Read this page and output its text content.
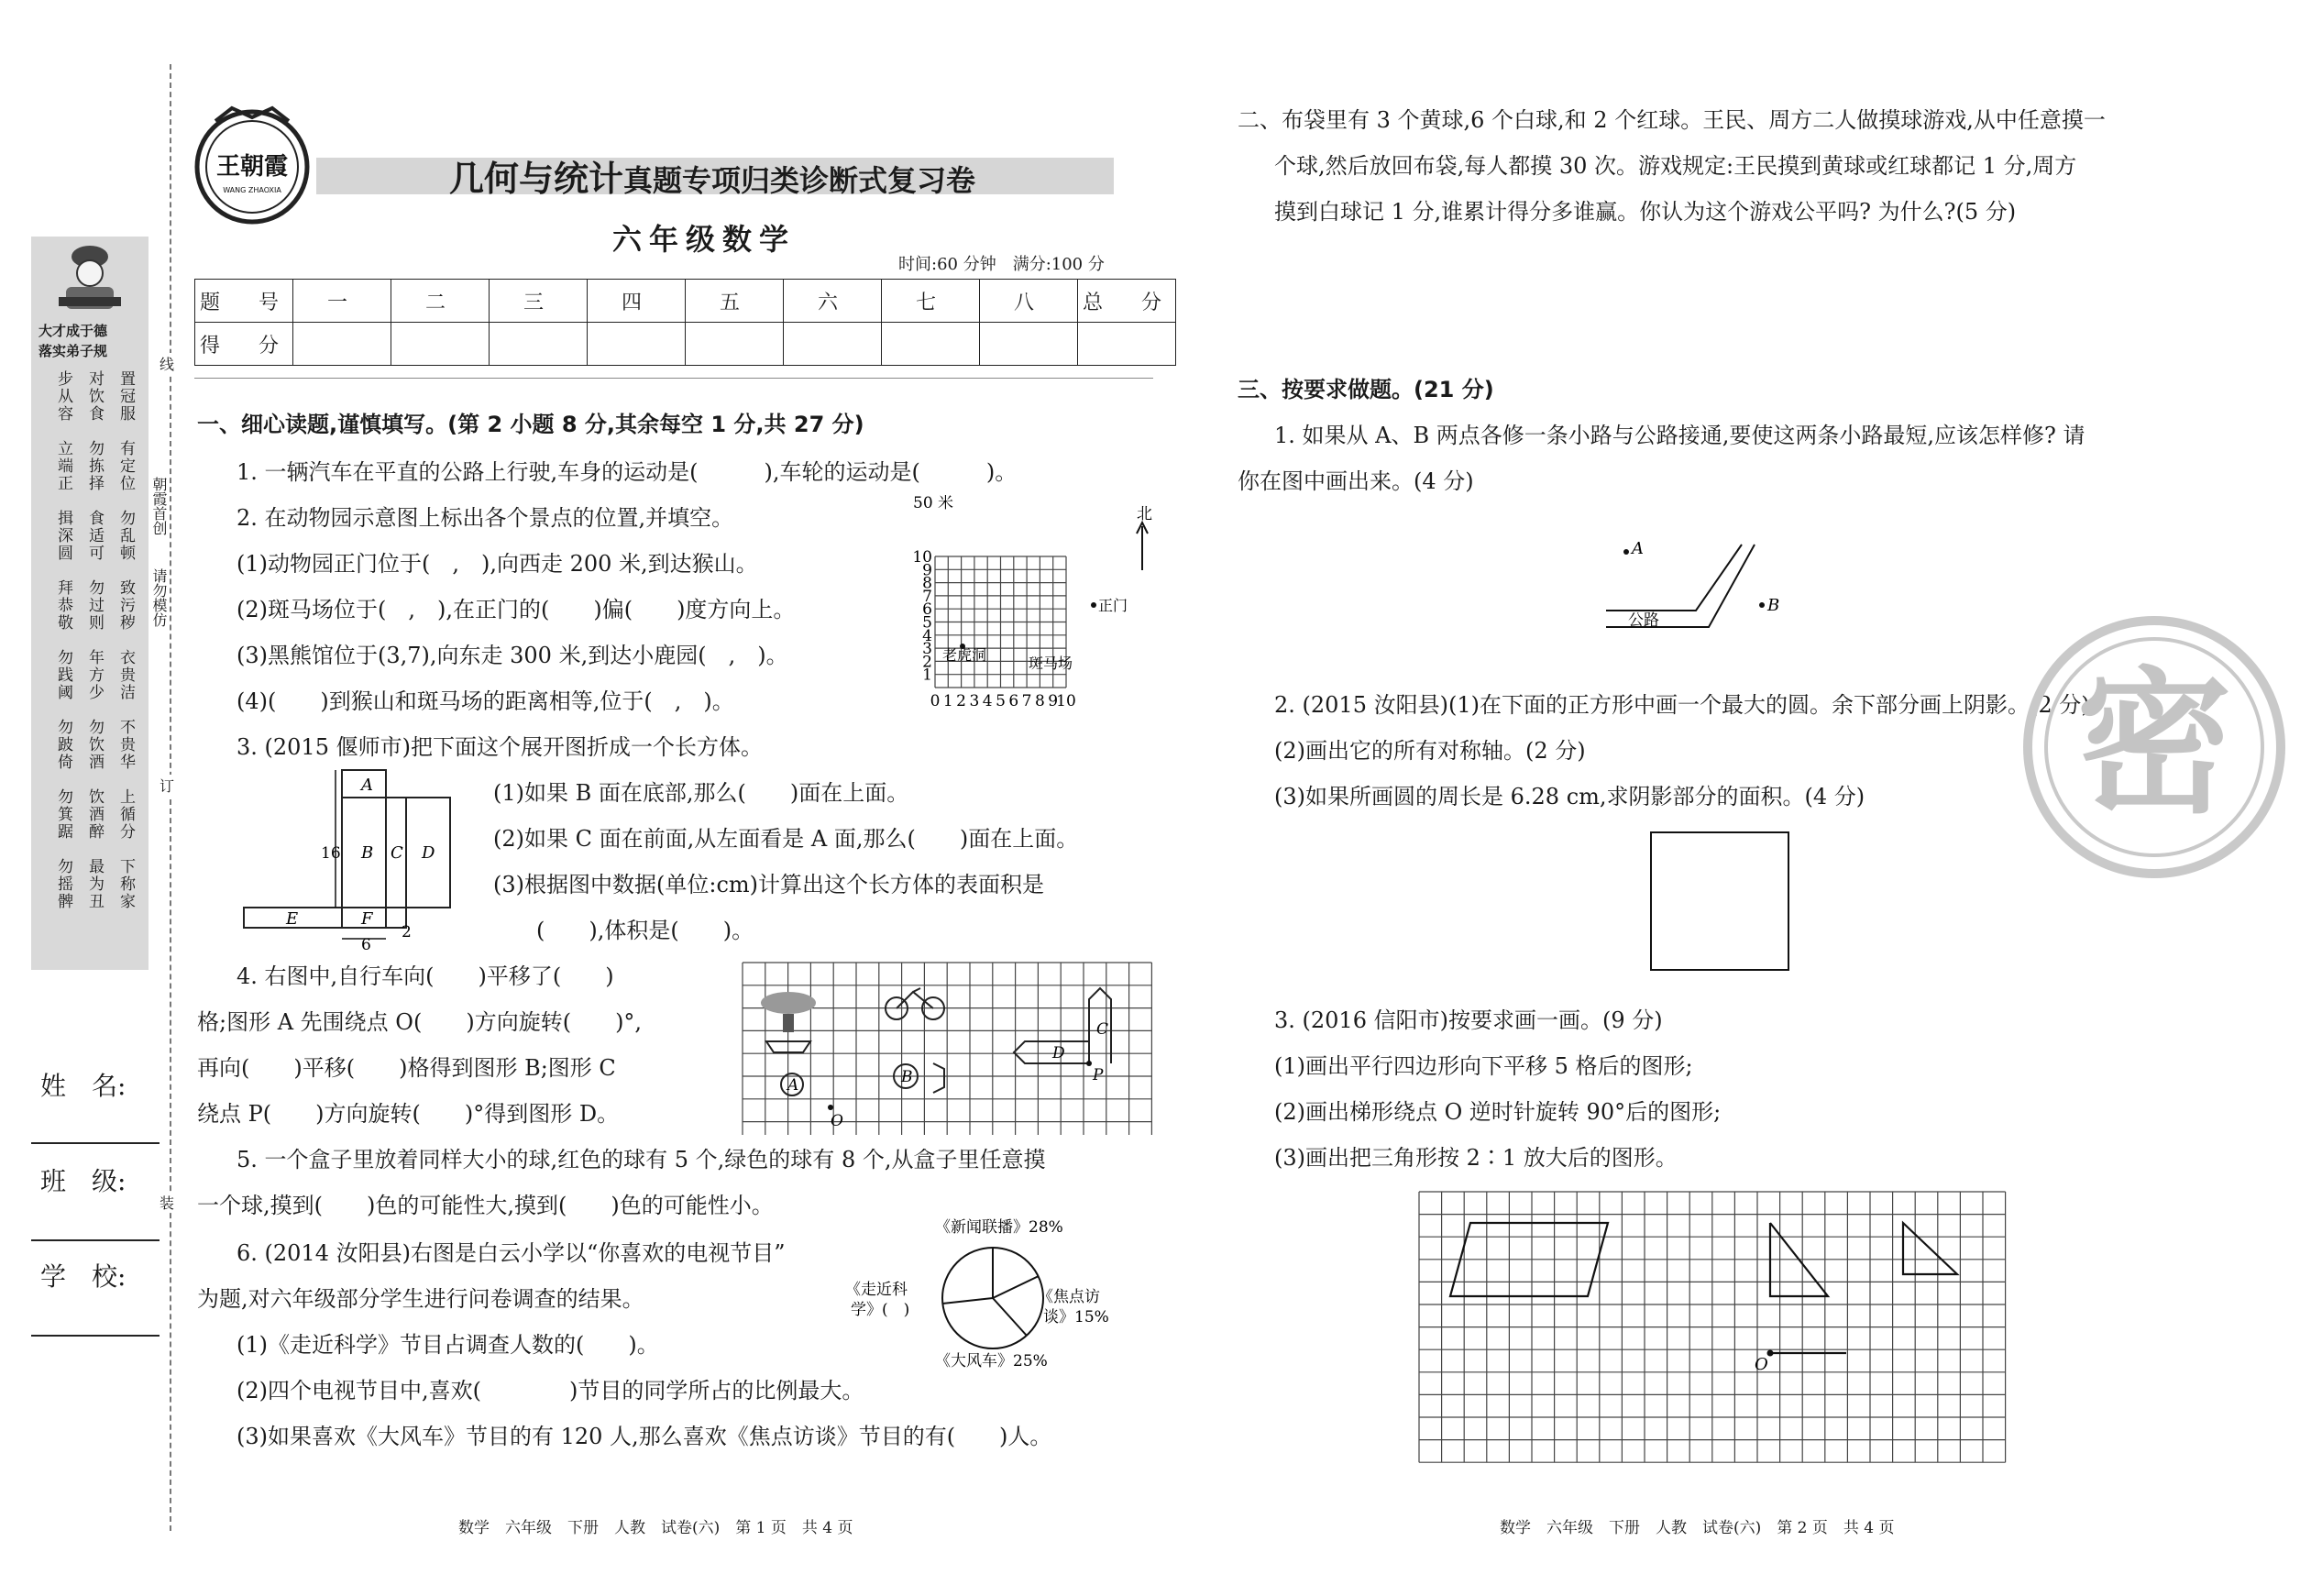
大才成于德
落实弟子规
步从容 对饮食 置冠服
立端正 勿拣择 有定位
揖深圆 食适可 勿乱顿
拜恭敬 勿过则 致污秽
勿践阈 年方少 衣贵洁
勿跛倚 勿饮酒 不贵华
勿箕踞 饮酒醉 上循分
勿摇髀 最为丑 下称家
朝霞首创
请勿模仿
线
订
装
姓　名:
班　级:
学　校:
王朝霞
WANG ZHAOXIA	几何与统计真题专项归类诊断式复习卷
六年级数学
时间:60 分钟　满分:100 分
题　号	一	二	三	四	五	六	七	八	总　分
得　分									
一、细心读题,谨慎填写。(第 2 小题 8 分,其余每空 1 分,共 27 分)
1. 一辆汽车在平直的公路上行驶,车身的运动是(　　　),车轮的运动是(　　　)。
2. 在动物园示意图上标出各个景点的位置,并填空。
(1)动物园正门位于(　,　),向西走 200 米,到达猴山。
(2)斑马场位于(　,　),在正门的(　　)偏(　　)度方向上。
(3)黑熊馆位于(3,7),向东走 300 米,到达小鹿园(　,　)。
(4)(　　)到猴山和斑马场的距离相等,位于(　,　)。
50 米
10
9
8
7
6
5
4
3
2
1
0 1 2 3 4 5 6 7 8 9
10
正门
老虎洞	斑马场
北
3. (2015 偃师市)把下面这个展开图折成一个长方体。
A
B C D
E	F
16
6
2
(1)如果 B 面在底部,那么(　　)面在上面。
(2)如果 C 面在前面,从左面看是 A 面,那么(　　)面在上面。
(3)根据图中数据(单位:cm)计算出这个长方体的表面积是
(　　),体积是(　　)。
4. 右图中,自行车向(　　)平移了(　　)
格;图形 A 先围绕点 O(　　)方向旋转(　　)°,
再向(　　)平移(　　)格得到图形 B;图形 C
绕点 P(　　)方向旋转(　　)°得到图形 D。
A
O
B
C
D
P
5. 一个盒子里放着同样大小的球,红色的球有 5 个,绿色的球有 8 个,从盒子里任意摸
一个球,摸到(　　)色的可能性大,摸到(　　)色的可能性小。
6. (2014 汝阳县)右图是白云小学以“你喜欢的电视节目”
为题,对六年级部分学生进行问卷调查的结果。
(1)《走近科学》节目占调查人数的(　　)。
(2)四个电视节目中,喜欢(　　　　)节目的同学所占的比例最大。
(3)如果喜欢《大风车》节目的有 120 人,那么喜欢《焦点访谈》节目的有(　　)人。
《新闻联播》28%
《走近科
学》(　)
《焦点访
谈》15%
《大风车》25%
数学　六年级　下册　人教　试卷(六)　第 1 页　共 4 页
二、布袋里有 3 个黄球,6 个白球,和 2 个红球。王民、周方二人做摸球游戏,从中任意摸一
个球,然后放回布袋,每人都摸 30 次。游戏规定:王民摸到黄球或红球都记 1 分,周方
摸到白球记 1 分,谁累计得分多谁赢。你认为这个游戏公平吗? 为什么?(5 分)
三、按要求做题。(21 分)
1. 如果从 A、B 两点各修一条小路与公路接通,要使这两条小路最短,应该怎样修? 请
你在图中画出来。(4 分)
A
B
公路
2. (2015 汝阳县)(1)在下面的正方形中画一个最大的圆。余下部分画上阴影。(2 分)
(2)画出它的所有对称轴。(2 分)
(3)如果所画圆的周长是 6.28 cm,求阴影部分的面积。(4 分)
3. (2016 信阳市)按要求画一画。(9 分)
(1)画出平行四边形向下平移 5 格后的图形;
(2)画出梯形绕点 O 逆时针旋转 90°后的图形;
(3)画出把三角形按 2∶1 放大后的图形。
O
密
数学　六年级　下册　人教　试卷(六)　第 2 页　共 4 页
